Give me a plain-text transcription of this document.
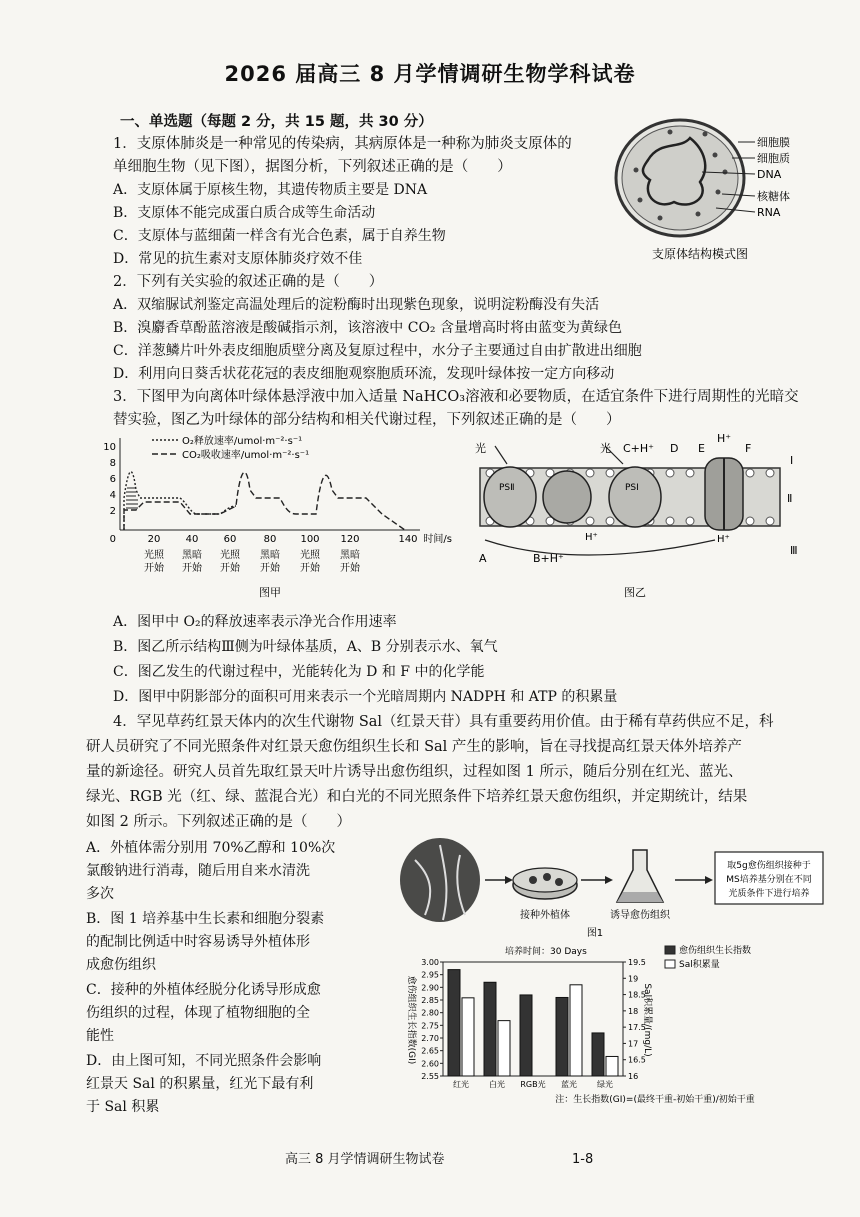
2026 届高三 8 月学情调研生物学科试卷
一、单选题（每题 2 分，共 15 题，共 30 分）
1．支原体肺炎是一种常见的传染病，其病原体是一种称为肺炎支原体的
单细胞生物（见下图），据图分析，下列叙述正确的是（　　）
A．支原体属于原核生物，其遗传物质主要是 DNA
B．支原体不能完成蛋白质合成等生命活动
C．支原体与蓝细菌一样含有光合色素，属于自养生物
D．常见的抗生素对支原体肺炎疗效不佳
细胞膜
细胞质
DNA
核糖体
RNA
支原体结构模式图
2．下列有关实验的叙述正确的是（　　）
A．双缩脲试剂鉴定高温处理后的淀粉酶时出现紫色现象，说明淀粉酶没有失活
B．溴麝香草酚蓝溶液是酸碱指示剂，该溶液中 CO₂ 含量增高时将由蓝变为黄绿色
C．洋葱鳞片叶外表皮细胞质壁分离及复原过程中，水分子主要通过自由扩散进出细胞
D．利用向日葵舌状花花冠的表皮细胞观察胞质环流，发现叶绿体按一定方向移动
3．下图甲为向离体叶绿体悬浮液中加入适量 NaHCO₃溶液和必要物质，在适宜条件下进行周期性的光暗交
替实验，图乙为叶绿体的部分结构和相关代谢过程，下列叙述正确的是（　　）
O₂释放速率/umol·m⁻²·s⁻¹
CO₂吸收速率/umol·m⁻²·s⁻¹
10
8
6
4
2
0	20	40	60	80 100 120	140 时间/s
光照
开始
黑暗
开始
光照
开始
黑暗
开始
光照
开始
黑暗
开始
图甲
光	光 C+H⁺ D
H⁺
E	F
Ⅰ
Ⅱ
Ⅲ
PSⅡ	PSⅠ
H⁺	H⁺
A	B+H⁺
图乙
A．图甲中 O₂的释放速率表示净光合作用速率
B．图乙所示结构Ⅲ侧为叶绿体基质，A、B 分别表示水、氧气
C．图乙发生的代谢过程中，光能转化为 D 和 F 中的化学能
D．图甲中阴影部分的面积可用来表示一个光暗周期内 NADPH 和 ATP 的积累量
4．罕见草药红景天体内的次生代谢物 Sal（红景天苷）具有重要药用价值。由于稀有草药供应不足，科
研人员研究了不同光照条件对红景天愈伤组织生长和 Sal 产生的影响，旨在寻找提高红景天体外培养产
量的新途径。研究人员首先取红景天叶片诱导出愈伤组织，过程如图 1 所示，随后分别在红光、蓝光、
绿光、RGB 光（红、绿、蓝混合光）和白光的不同光照条件下培养红景天愈伤组织，并定期统计，结果
如图 2 所示。下列叙述正确的是（　　）
A．外植体需分别用 70%乙醇和 10%次
氯酸钠进行消毒，随后用自来水清洗
多次
B．图 1 培养基中生长素和细胞分裂素
的配制比例适中时容易诱导外植体形
成愈伤组织
C．接种的外植体经脱分化诱导形成愈
伤组织的过程，体现了植物细胞的全
能性
D．由上图可知，不同光照条件会影响
红景天 Sal 的积累量，红光下最有利
于 Sal 积累
取5g愈伤组织接种于
MS培养基分别在不同
光质条件下进行培养
接种外植体	诱导愈伤组织
图1
培养时间：30 Days
愈伤组织生长指数(GI)	Sal积累量/(mg/L)
愈伤组织生长指数
Sal积累量
3.00
2.95
2.90
2.85
2.80
2.75
2.70
2.65
2.60
2.55
19.5
19
18.5
18
17.5
17
16.5
16
红光	白光 RGB光 蓝光	绿光
注：生长指数(GI)=(最终干重-初始干重)/初始干重
高三 8 月学情调研生物试卷	1-8
